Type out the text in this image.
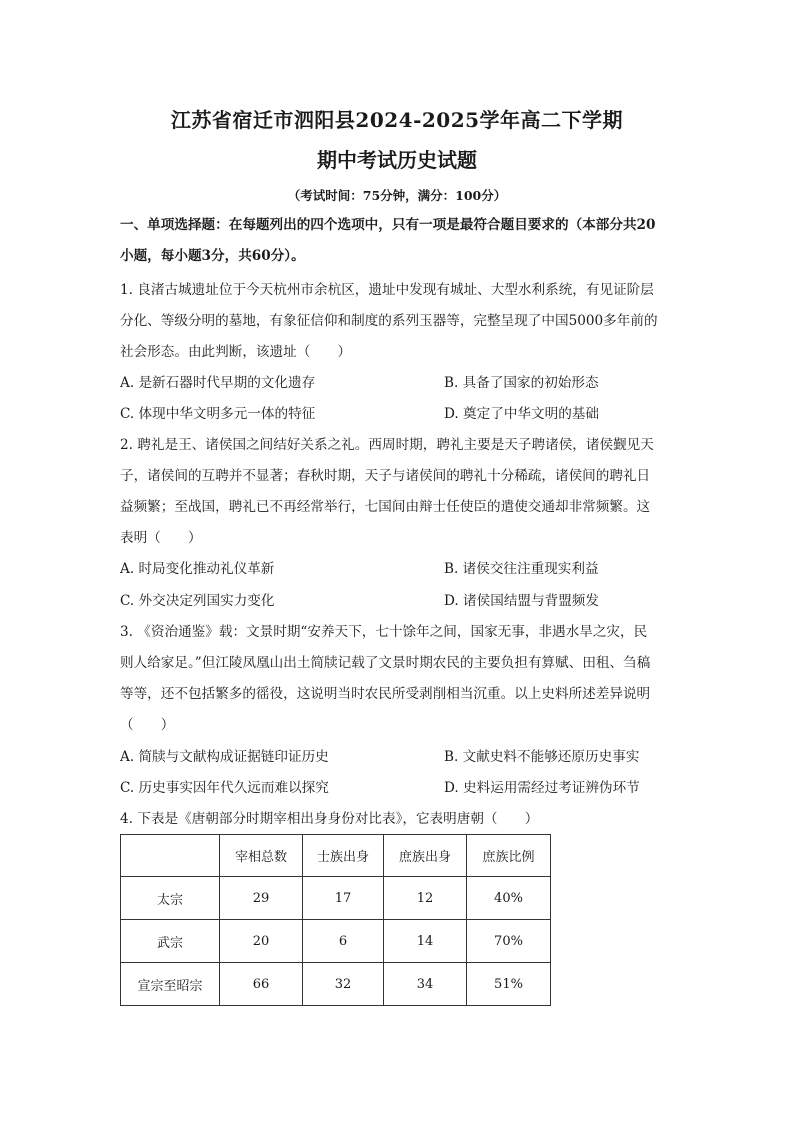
江苏省宿迁市泗阳县2024-2025学年高二下学期
期中考试历史试题
（考试时间：75分钟，满分：100分）
一、单项选择题：在每题列出的四个选项中，只有一项是最符合题目要求的（本部分共20
小题，每小题3分，共60分）。
1. 良渚古城遗址位于今天杭州市余杭区，遗址中发现有城址、大型水利系统，有见证阶层
分化、等级分明的墓地，有象征信仰和制度的系列玉器等，完整呈现了中国5000多年前的
社会形态。由此判断，该遗址（　　）
A. 是新石器时代早期的文化遗存	B. 具备了国家的初始形态
C. 体现中华文明多元一体的特征	D. 奠定了中华文明的基础
2. 聘礼是王、诸侯国之间结好关系之礼。西周时期，聘礼主要是天子聘诸侯，诸侯觐见天
子，诸侯间的互聘并不显著；春秋时期，天子与诸侯间的聘礼十分稀疏，诸侯间的聘礼日
益频繁；至战国，聘礼已不再经常举行，七国间由辩士任使臣的遣使交通却非常频繁。这
表明（　　）
A. 时局变化推动礼仪革新	B. 诸侯交往注重现实利益
C. 外交决定列国实力变化	D. 诸侯国结盟与背盟频发
3. 《资治通鉴》载：文景时期“安养天下，七十馀年之间，国家无事，非遇水旱之灾，民
则人给家足。”但江陵凤凰山出土简牍记载了文景时期农民的主要负担有算赋、田租、刍稿
等等，还不包括繁多的徭役，这说明当时农民所受剥削相当沉重。以上史料所述差异说明
（　　）
A. 简牍与文献构成证据链印证历史	B. 文献史料不能够还原历史事实
C. 历史事实因年代久远而难以探究	D. 史料运用需经过考证辨伪环节
4. 下表是《唐朝部分时期宰相出身身份对比表》，它表明唐朝（　　）
	宰相总数	士族出身	庶族出身	庶族比例
太宗	29	17	12	40%
武宗	20	6	14	70%
宣宗至昭宗	66	32	34	51%
